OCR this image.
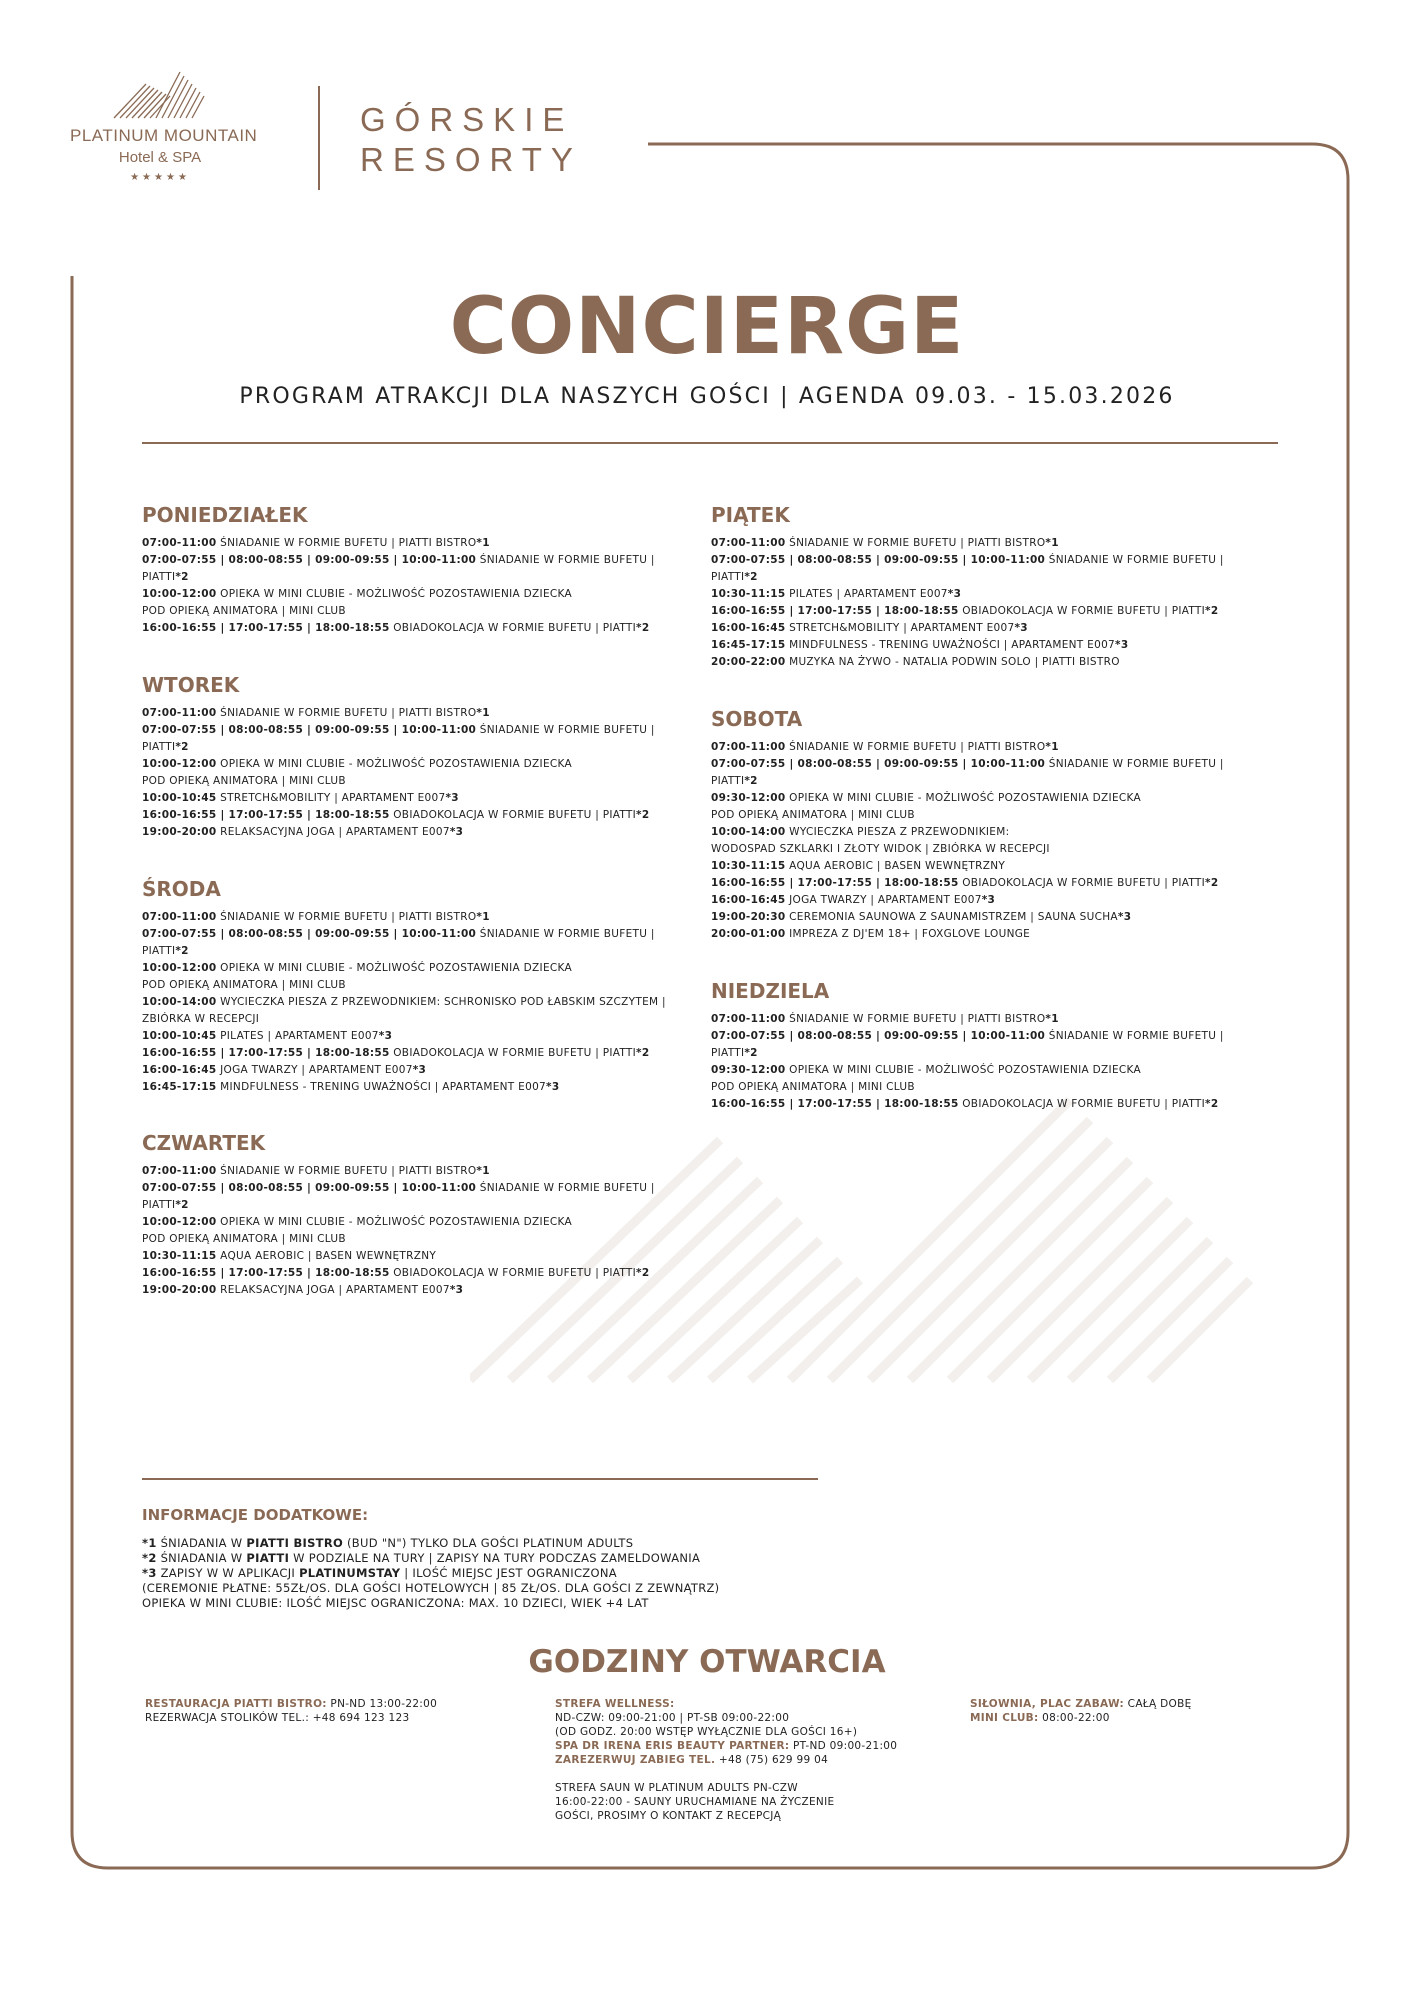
PLATINUM MOUNTAIN
Hotel & SPA
★★★★★
GÓRSKIE
RESORTY
CONCIERGE
PROGRAM ATRAKCJI DLA NASZYCH GOŚCI | AGENDA 09.03. - 15.03.2026
PONIEDZIAŁEK
07:00-11:00 ŚNIADANIE W FORMIE BUFETU | PIATTI BISTRO*1
07:00-07:55 | 08:00-08:55 | 09:00-09:55 | 10:00-11:00 ŚNIADANIE W FORMIE BUFETU |
PIATTI*2
10:00-12:00 OPIEKA W MINI CLUBIE - MOŻLIWOŚĆ POZOSTAWIENIA DZIECKA
POD OPIEKĄ ANIMATORA | MINI CLUB
16:00-16:55 | 17:00-17:55 | 18:00-18:55 OBIADOKOLACJA W FORMIE BUFETU | PIATTI*2
WTOREK
07:00-11:00 ŚNIADANIE W FORMIE BUFETU | PIATTI BISTRO*1
07:00-07:55 | 08:00-08:55 | 09:00-09:55 | 10:00-11:00 ŚNIADANIE W FORMIE BUFETU |
PIATTI*2
10:00-12:00 OPIEKA W MINI CLUBIE - MOŻLIWOŚĆ POZOSTAWIENIA DZIECKA
POD OPIEKĄ ANIMATORA | MINI CLUB
10:00-10:45 STRETCH&MOBILITY | APARTAMENT E007*3
16:00-16:55 | 17:00-17:55 | 18:00-18:55 OBIADOKOLACJA W FORMIE BUFETU | PIATTI*2
19:00-20:00 RELAKSACYJNA JOGA | APARTAMENT E007*3
ŚRODA
07:00-11:00 ŚNIADANIE W FORMIE BUFETU | PIATTI BISTRO*1
07:00-07:55 | 08:00-08:55 | 09:00-09:55 | 10:00-11:00 ŚNIADANIE W FORMIE BUFETU |
PIATTI*2
10:00-12:00 OPIEKA W MINI CLUBIE - MOŻLIWOŚĆ POZOSTAWIENIA DZIECKA
POD OPIEKĄ ANIMATORA | MINI CLUB
10:00-14:00 WYCIECZKA PIESZA Z PRZEWODNIKIEM: SCHRONISKO POD ŁABSKIM SZCZYTEM |
ZBIÓRKA W RECEPCJI
10:00-10:45 PILATES | APARTAMENT E007*3
16:00-16:55 | 17:00-17:55 | 18:00-18:55 OBIADOKOLACJA W FORMIE BUFETU | PIATTI*2
16:00-16:45 JOGA TWARZY | APARTAMENT E007*3
16:45-17:15 MINDFULNESS - TRENING UWAŻNOŚCI | APARTAMENT E007*3
CZWARTEK
07:00-11:00 ŚNIADANIE W FORMIE BUFETU | PIATTI BISTRO*1
07:00-07:55 | 08:00-08:55 | 09:00-09:55 | 10:00-11:00 ŚNIADANIE W FORMIE BUFETU |
PIATTI*2
10:00-12:00 OPIEKA W MINI CLUBIE - MOŻLIWOŚĆ POZOSTAWIENIA DZIECKA
POD OPIEKĄ ANIMATORA | MINI CLUB
10:30-11:15 AQUA AEROBIC | BASEN WEWNĘTRZNY
16:00-16:55 | 17:00-17:55 | 18:00-18:55 OBIADOKOLACJA W FORMIE BUFETU | PIATTI*2
19:00-20:00 RELAKSACYJNA JOGA | APARTAMENT E007*3
PIĄTEK
07:00-11:00 ŚNIADANIE W FORMIE BUFETU | PIATTI BISTRO*1
07:00-07:55 | 08:00-08:55 | 09:00-09:55 | 10:00-11:00 ŚNIADANIE W FORMIE BUFETU |
PIATTI*2
10:30-11:15 PILATES | APARTAMENT E007*3
16:00-16:55 | 17:00-17:55 | 18:00-18:55 OBIADOKOLACJA W FORMIE BUFETU | PIATTI*2
16:00-16:45 STRETCH&MOBILITY | APARTAMENT E007*3
16:45-17:15 MINDFULNESS - TRENING UWAŻNOŚCI | APARTAMENT E007*3
20:00-22:00 MUZYKA NA ŻYWO - NATALIA PODWIN SOLO | PIATTI BISTRO
SOBOTA
07:00-11:00 ŚNIADANIE W FORMIE BUFETU | PIATTI BISTRO*1
07:00-07:55 | 08:00-08:55 | 09:00-09:55 | 10:00-11:00 ŚNIADANIE W FORMIE BUFETU |
PIATTI*2
09:30-12:00 OPIEKA W MINI CLUBIE - MOŻLIWOŚĆ POZOSTAWIENIA DZIECKA
POD OPIEKĄ ANIMATORA | MINI CLUB
10:00-14:00 WYCIECZKA PIESZA Z PRZEWODNIKIEM:
WODOSPAD SZKLARKI I ZŁOTY WIDOK | ZBIÓRKA W RECEPCJI
10:30-11:15 AQUA AEROBIC | BASEN WEWNĘTRZNY
16:00-16:55 | 17:00-17:55 | 18:00-18:55 OBIADOKOLACJA W FORMIE BUFETU | PIATTI*2
16:00-16:45 JOGA TWARZY | APARTAMENT E007*3
19:00-20:30 CEREMONIA SAUNOWA Z SAUNAMISTRZEM | SAUNA SUCHA*3
20:00-01:00 IMPREZA Z DJ'EM 18+ | FOXGLOVE LOUNGE
NIEDZIELA
07:00-11:00 ŚNIADANIE W FORMIE BUFETU | PIATTI BISTRO*1
07:00-07:55 | 08:00-08:55 | 09:00-09:55 | 10:00-11:00 ŚNIADANIE W FORMIE BUFETU |
PIATTI*2
09:30-12:00 OPIEKA W MINI CLUBIE - MOŻLIWOŚĆ POZOSTAWIENIA DZIECKA
POD OPIEKĄ ANIMATORA | MINI CLUB
16:00-16:55 | 17:00-17:55 | 18:00-18:55 OBIADOKOLACJA W FORMIE BUFETU | PIATTI*2
INFORMACJE DODATKOWE:
*1 ŚNIADANIA W PIATTI BISTRO (BUD "N") TYLKO DLA GOŚCI PLATINUM ADULTS
*2 ŚNIADANIA W PIATTI W PODZIALE NA TURY | ZAPISY NA TURY PODCZAS ZAMELDOWANIA
*3 ZAPISY W W APLIKACJI PLATINUMSTAY | ILOŚĆ MIEJSC JEST OGRANICZONA
(CEREMONIE PŁATNE: 55ZŁ/OS. DLA GOŚCI HOTELOWYCH | 85 ZŁ/OS. DLA GOŚCI Z ZEWNĄTRZ)
OPIEKA W MINI CLUBIE: ILOŚĆ MIEJSC OGRANICZONA: MAX. 10 DZIECI, WIEK +4 LAT
GODZINY OTWARCIA
RESTAURACJA PIATTI BISTRO: PN-ND 13:00-22:00
REZERWACJA STOLIKÓW TEL.: +48 694 123 123
STREFA WELLNESS:
ND-CZW: 09:00-21:00 | PT-SB 09:00-22:00
(OD GODZ. 20:00 WSTĘP WYŁĄCZNIE DLA GOŚCI 16+)
SPA DR IRENA ERIS BEAUTY PARTNER: PT-ND 09:00-21:00
ZAREZERWUJ ZABIEG TEL. +48 (75) 629 99 04
STREFA SAUN W PLATINUM ADULTS PN-CZW
16:00-22:00 - SAUNY URUCHAMIANE NA ŻYCZENIE
GOŚCI, PROSIMY O KONTAKT Z RECEPCJĄ
SIŁOWNIA, PLAC ZABAW: CAŁĄ DOBĘ
MINI CLUB: 08:00-22:00
